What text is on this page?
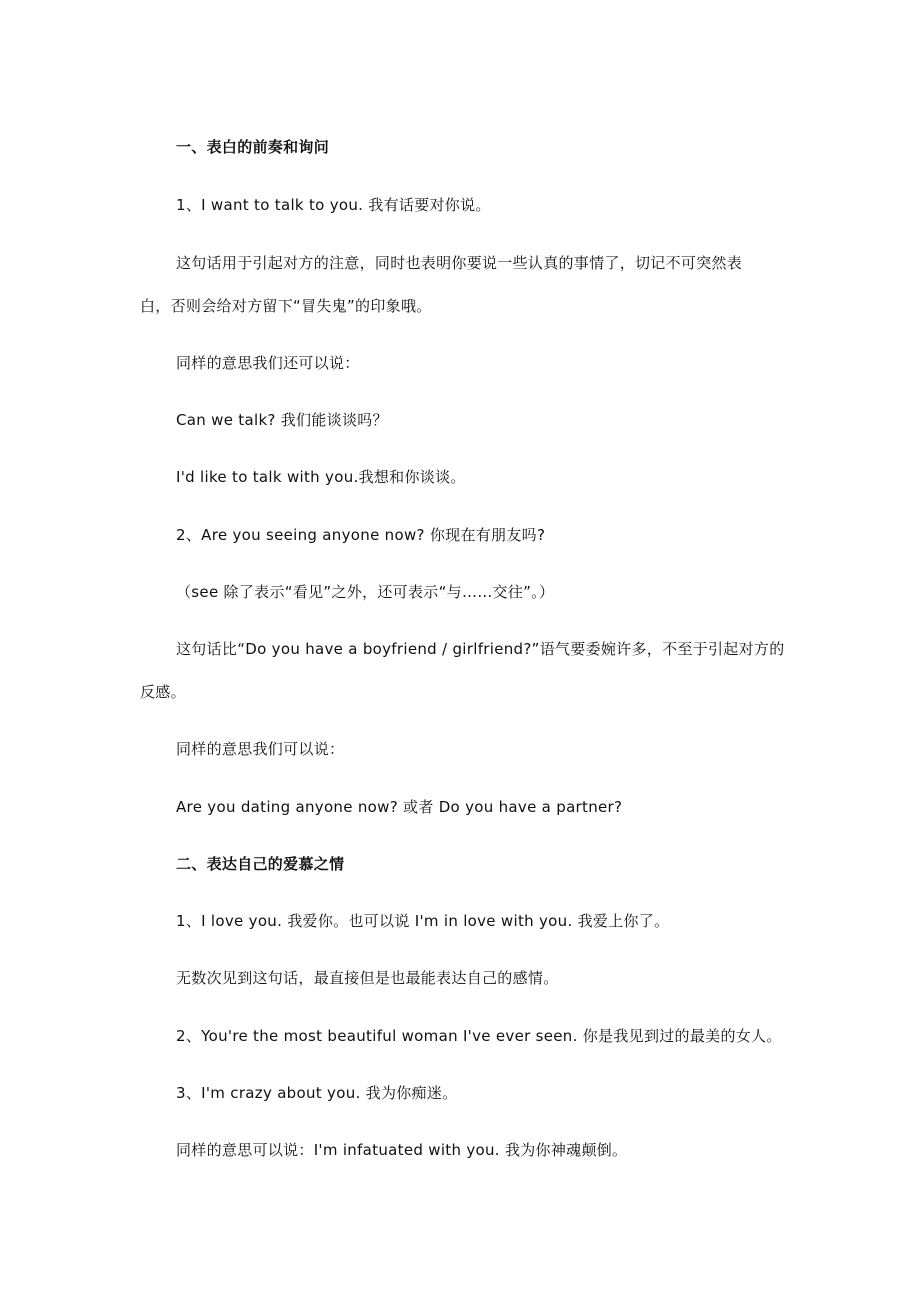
一、表白的前奏和询问
1、I want to talk to you. 我有话要对你说。
这句话用于引起对方的注意，同时也表明你要说一些认真的事情了，切记不可突然表
白，否则会给对方留下“冒失鬼”的印象哦。
同样的意思我们还可以说：
Can we talk? 我们能谈谈吗？
I'd like to talk with you.我想和你谈谈。
2、Are you seeing anyone now? 你现在有朋友吗?
（see 除了表示“看见”之外，还可表示“与……交往”。）
这句话比“Do you have a boyfriend / girlfriend?”语气要委婉许多，不至于引起对方的
反感。
同样的意思我们可以说：
Are you dating anyone now? 或者 Do you have a partner?
二、表达自己的爱慕之情
1、I love you. 我爱你。也可以说 I'm in love with you. 我爱上你了。
无数次见到这句话，最直接但是也最能表达自己的感情。
2、You're the most beautiful woman I've ever seen. 你是我见到过的最美的女人。
3、I'm crazy about you. 我为你痴迷。
同样的意思可以说：I'm infatuated with you. 我为你神魂颠倒。
